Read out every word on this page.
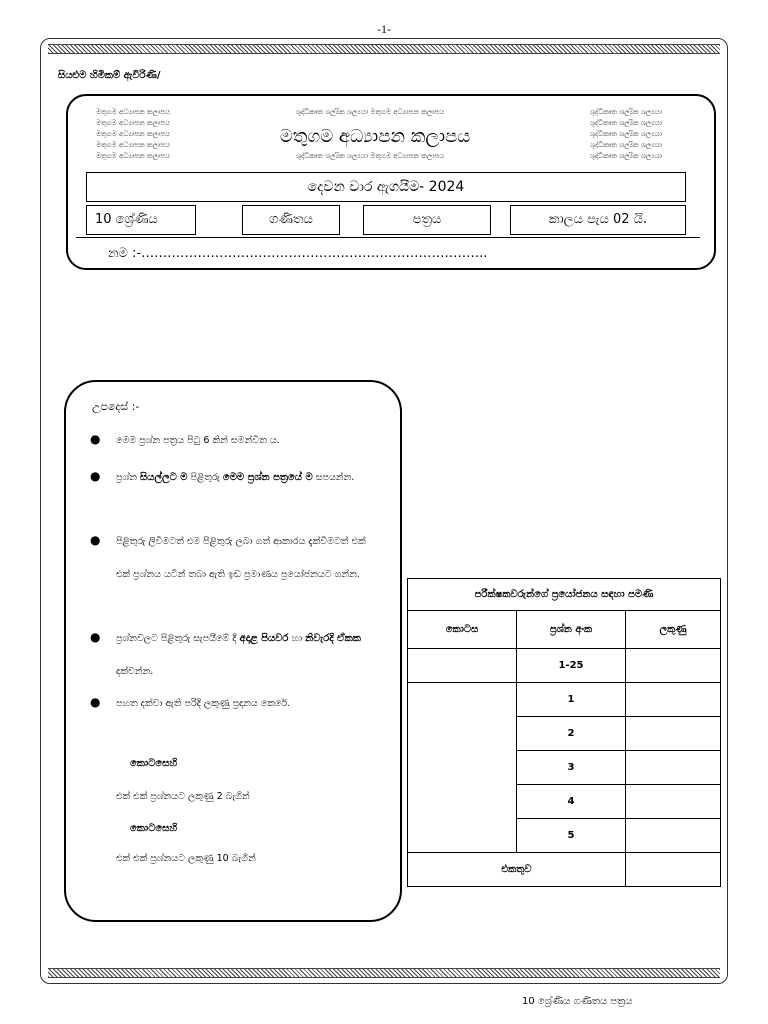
-1-
සියළුම හිමිකම් ඇවිරිණි/
මතුගම අධ්‍යාපන කලාපය
මතුගම අධ්‍යාපන කලාපය
මතුගම අධ්‍යාපන කලාපය
මතුගම අධ්‍යාපන කලාපය
මතුගම අධ්‍යාපන කලාපය
ශුද්ධිකෘත ශල්‍යික ශල්‍යයා මතුගම අධ්‍යාපන කලාපය
ශුද්ධිකෘත ශල්‍යික ශල්‍යයා මතුගම අධ්‍යාපන කලාපය
ශුද්ධිකෘත ශල්‍යික ශල්‍යයා
ශුද්ධිකෘත ශල්‍යික ශල්‍යයා
ශුද්ධිකෘත ශල්‍යික ශල්‍යයා
ශුද්ධිකෘත ශල්‍යික ශල්‍යයා
ශුද්ධිකෘත ශල්‍යික ශල්‍යයා
මතුගම අධ්‍යාපන කලාපය
දෙවන වාර ඇගයීම- 2024
10 ශ්‍රේණිය	ගණිතය	පත්‍රය	කාලය පැය 02 යි.
නම :-……………………………………………………………………..
උපදෙස් :-
● මෙම ප්‍රශ්න පත්‍රය පිටු 6 කින් සමන්විත ය.
● ප්‍රශ්න සියල්ලට ම පිළිතුරු මෙම ප්‍රශ්න පත්‍රයේ ම සපයන්න.
● පිළිතුරු ලිවීමටත් එම පිළිතුරු ලබා ගත් ආකාරය දැක්වීමටත් එක් එක් ප්‍රශ්නය යටින් තබා ඇති ඉඩ ප්‍රමාණය ප්‍රයෝජනයට ගන්න.
● ප්‍රශ්නවලට පිළිතුරු සැපයීමේ දී අදාළ පියවර හා නිවැරදි ඒකක දක්වන්න.
● පහත දක්වා ඇති පරිදි ලකුණු ප්‍රදානය කෙරේ.
කොටසෙහි
එක් එක් ප්‍රශ්නයට ලකුණු 2 බැගින්
කොටසෙහි
එක් එක් ප්‍රශ්නයට ලකුණු 10 බැගින්
පරීක්ෂකවරුන්ගේ ප්‍රයෝජනය සඳහා පමණි		
කොටස	ප්‍රශ්න අංක	ලකුණු
	1-25	
	1	
	2	
	3	
	4	
	5	
එකතුව		
10 ශ්‍රේණිය ගණිතය පත්‍රය
